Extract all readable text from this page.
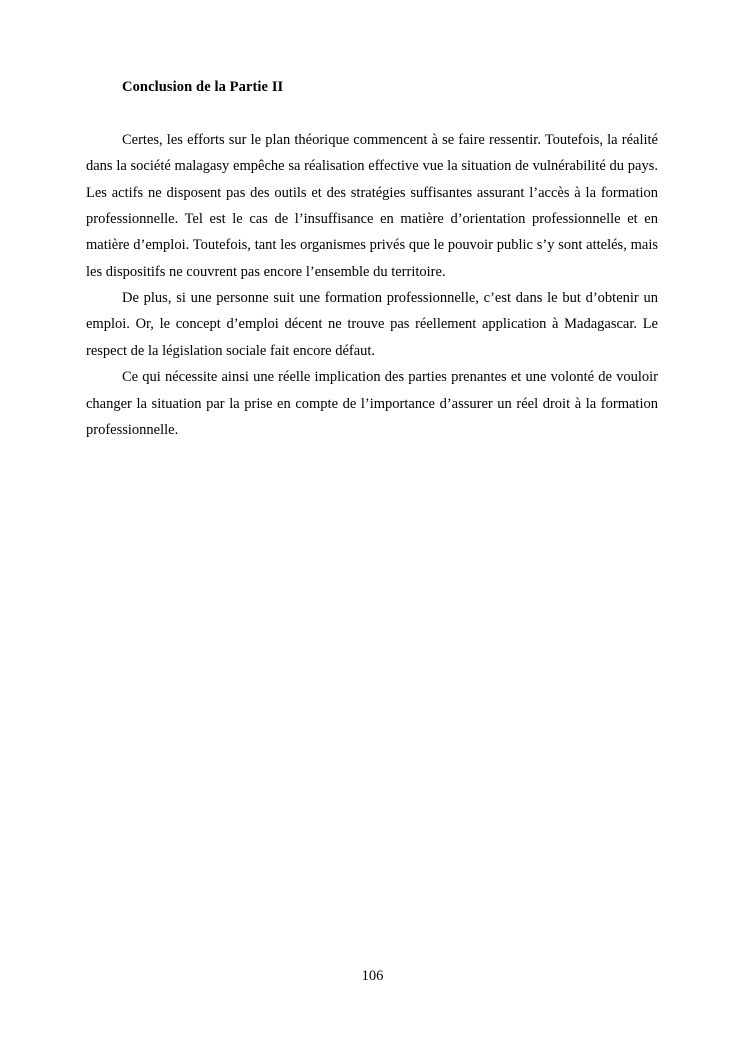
Conclusion de la Partie II

Certes, les efforts sur le plan théorique commencent à se faire ressentir. Toutefois, la réalité dans la société malagasy empêche sa réalisation effective vue la situation de vulnérabilité du pays. Les actifs ne disposent pas des outils et des stratégies suffisantes assurant l’accès à la formation professionnelle. Tel est le cas de l’insuffisance en matière d’orientation professionnelle et en matière d’emploi. Toutefois, tant les organismes privés que le pouvoir public s’y sont attelés, mais les dispositifs ne couvrent pas encore l’ensemble du territoire.

De plus, si une personne suit une formation professionnelle, c’est dans le but d’obtenir un emploi. Or, le concept d’emploi décent ne trouve pas réellement application à Madagascar. Le respect de la législation sociale fait encore défaut.

Ce qui nécessite ainsi une réelle implication des parties prenantes et une volonté de vouloir changer la situation par la prise en compte de l’importance d’assurer un réel droit à la formation professionnelle.

106
